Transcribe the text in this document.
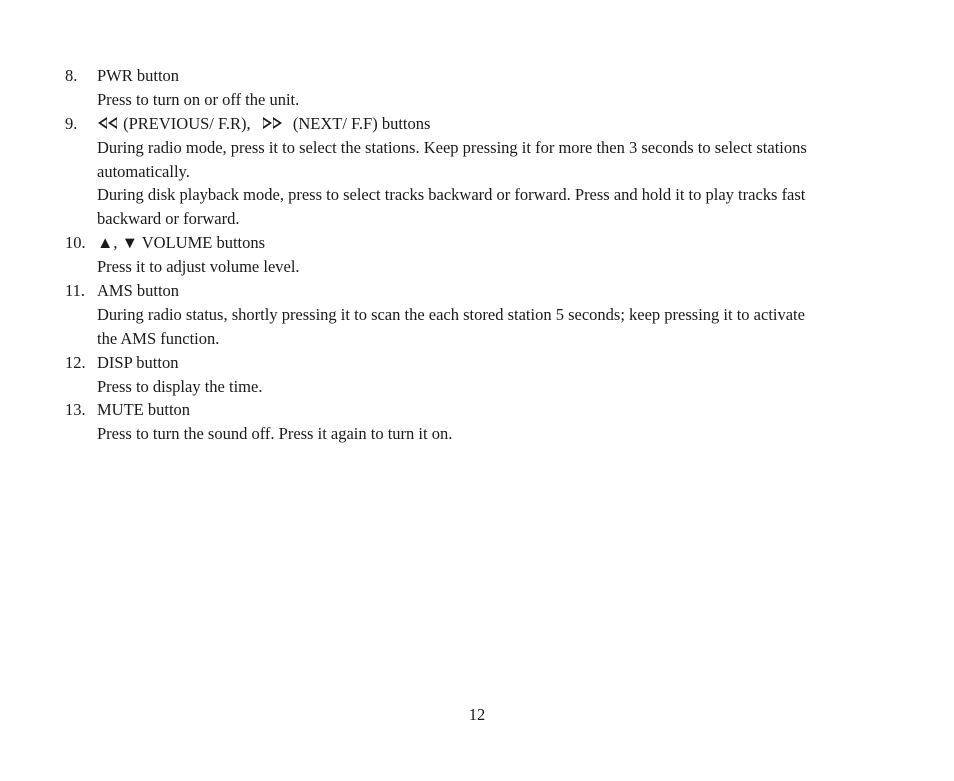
8. PWR button
Press to turn on or off the unit.
9.	(PREVIOUS/ F.R),	(NEXT/ F.F) buttons
During radio mode, press it to select the stations. Keep pressing it for more then 3 seconds to select stations
automatically.
During disk playback mode, press to select tracks backward or forward. Press and hold it to play tracks fast
backward or forward.
10. ▲, ▼ VOLUME buttons
Press it to adjust volume level.
11. AMS button
During radio status, shortly pressing it to scan the each stored station 5 seconds; keep pressing it to activate
the AMS function.
12. DISP button
Press to display the time.
13. MUTE button
Press to turn the sound off. Press it again to turn it on.
12
